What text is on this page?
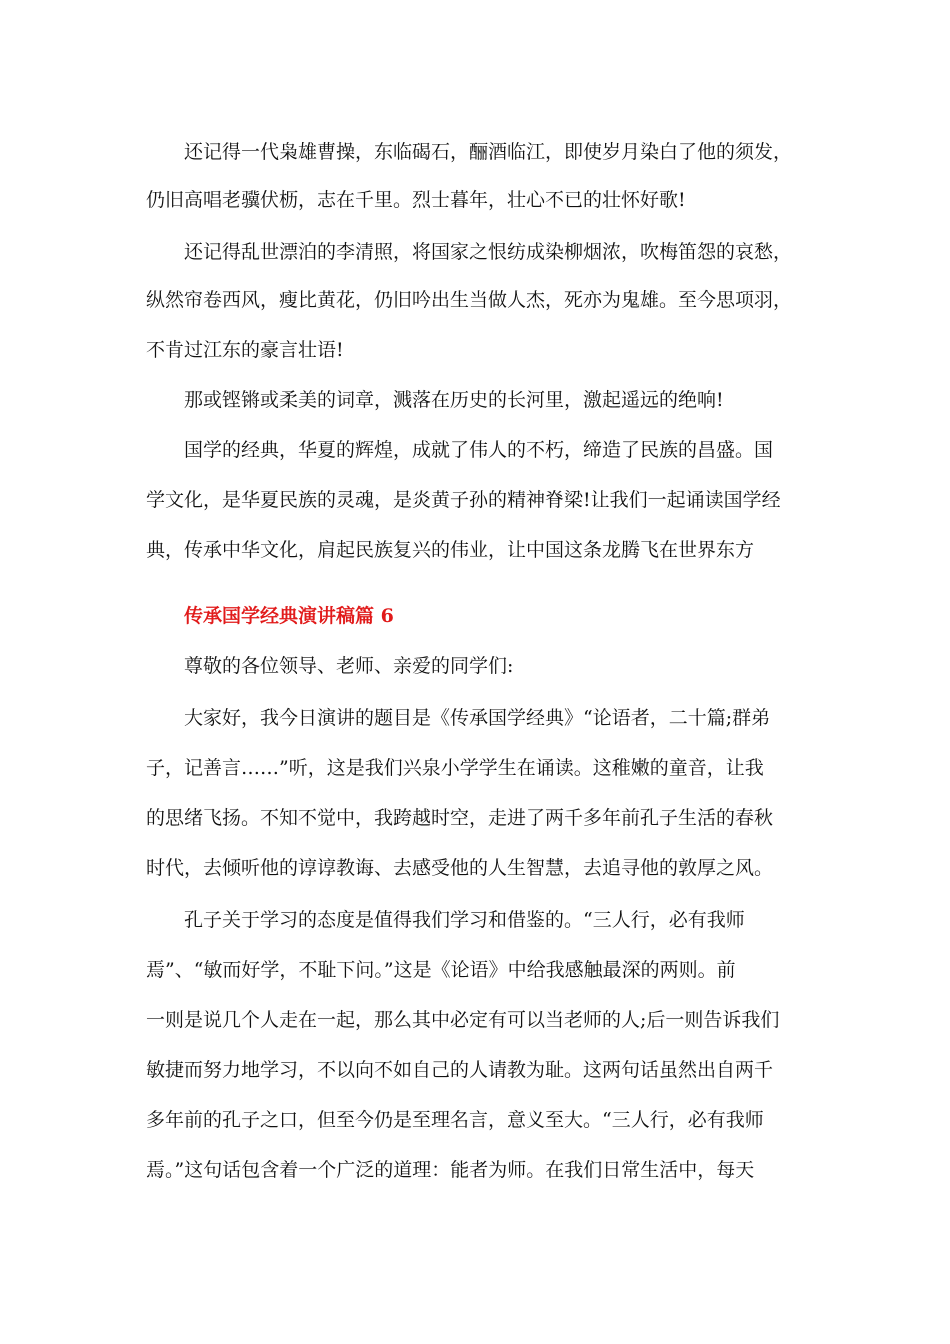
还记得一代枭雄曹操，东临碣石，酾酒临江，即使岁月染白了他的须发，
仍旧高唱老骥伏枥，志在千里。烈士暮年，壮心不已的壮怀好歌!
还记得乱世漂泊的李清照，将国家之恨纺成染柳烟浓，吹梅笛怨的哀愁，
纵然帘卷西风，瘦比黄花，仍旧吟出生当做人杰，死亦为鬼雄。至今思项羽，
不肯过江东的豪言壮语!
那或铿锵或柔美的词章，溅落在历史的长河里，激起遥远的绝响!
国学的经典，华夏的辉煌，成就了伟人的不朽，缔造了民族的昌盛。国
学文化，是华夏民族的灵魂，是炎黄子孙的精神脊梁!让我们一起诵读国学经
典，传承中华文化，肩起民族复兴的伟业，让中国这条龙腾飞在世界东方
传承国学经典演讲稿篇 6
尊敬的各位领导、老师、亲爱的同学们:
大家好，我今日演讲的题目是《传承国学经典》“论语者，二十篇;群弟
子，记善言……”听，这是我们兴泉小学学生在诵读。这稚嫩的童音，让我
的思绪飞扬。不知不觉中，我跨越时空，走进了两千多年前孔子生活的春秋
时代，去倾听他的谆谆教诲、去感受他的人生智慧，去追寻他的敦厚之风。
孔子关于学习的态度是值得我们学习和借鉴的。“三人行，必有我师
焉”、“敏而好学，不耻下问。”这是《论语》中给我感触最深的两则。前
一则是说几个人走在一起，那么其中必定有可以当老师的人;后一则告诉我们
敏捷而努力地学习，不以向不如自己的人请教为耻。这两句话虽然出自两千
多年前的孔子之口，但至今仍是至理名言，意义至大。“三人行，必有我师
焉。”这句话包含着一个广泛的道理：能者为师。在我们日常生活中，每天
